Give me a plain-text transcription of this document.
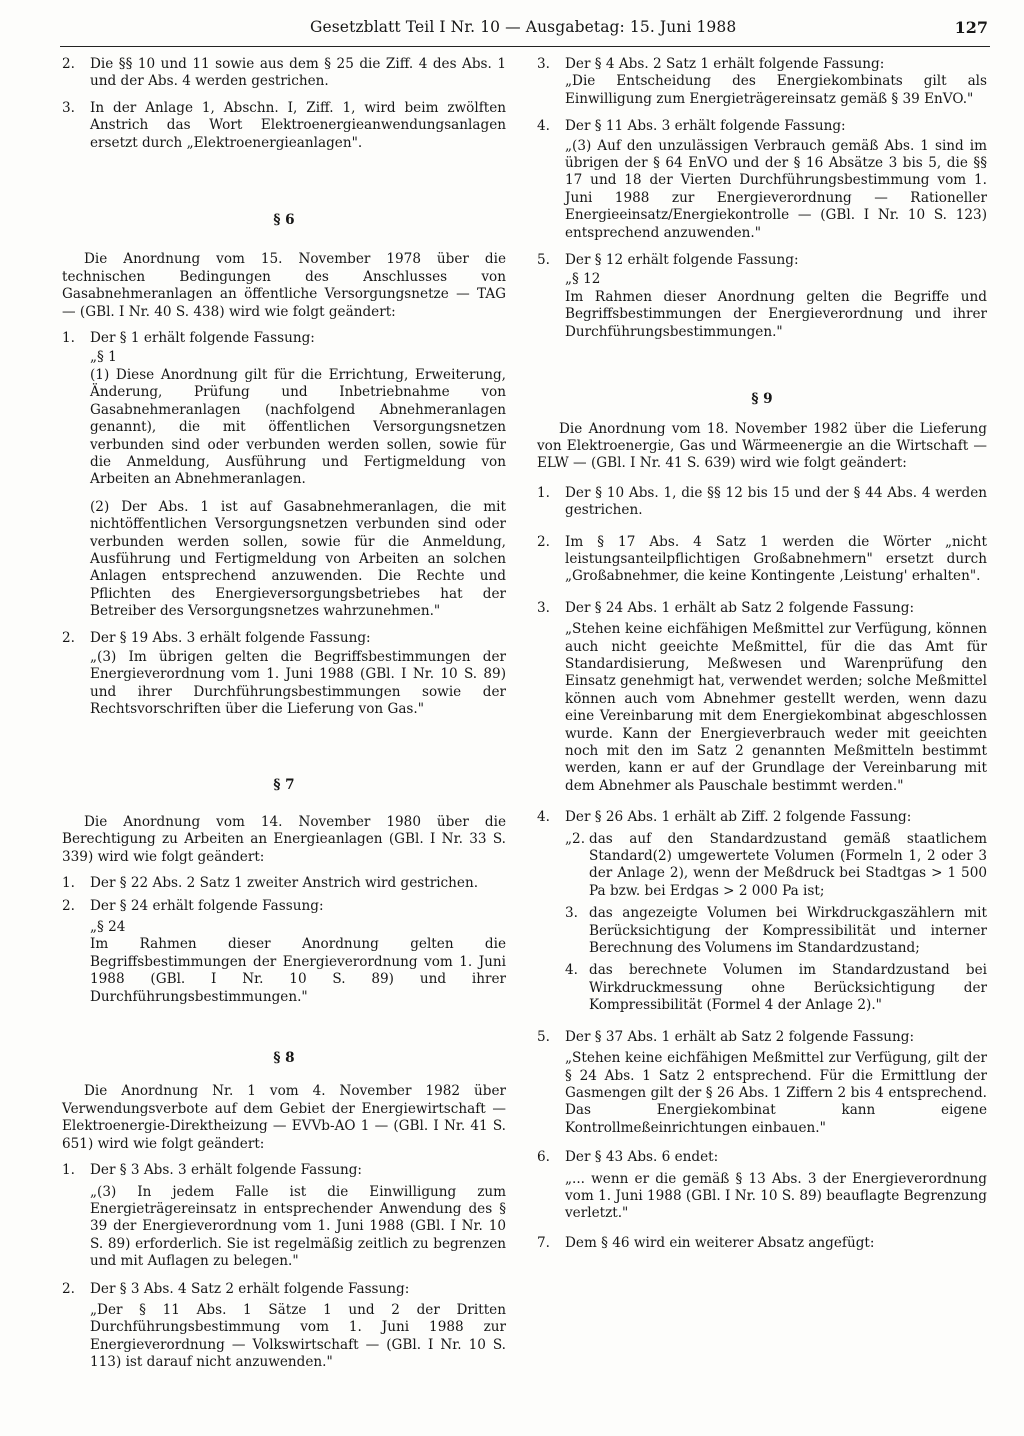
Gesetzblatt Teil I Nr. 10 — Ausgabetag: 15. Juni 1988	127
2.	Die §§ 10 und 11 sowie aus dem § 25 die Ziff. 4 des Abs. 1 und der Abs. 4 werden gestrichen.
3.	In der Anlage 1, Abschn. I, Ziff. 1, wird beim zwölften Anstrich das Wort Elektroenergieanwendungsanlagen ersetzt durch „Elektroenergieanlagen".

§ 6

Die Anordnung vom 15. November 1978 über die technischen Bedingungen des Anschlusses von Gasabnehmeranlagen an öffentliche Versorgungsnetze — TAG — (GBl. I Nr. 40 S. 438) wird wie folgt geändert:

1.	Der § 1 erhält folgende Fassung:

„§ 1

(1) Diese Anordnung gilt für die Errichtung, Erweiterung, Änderung, Prüfung und Inbetriebnahme von Gasabnehmeranlagen (nachfolgend Abnehmeranlagen genannt), die mit öffentlichen Versorgungsnetzen verbunden sind oder verbunden werden sollen, sowie für die Anmeldung, Ausführung und Fertigmeldung von Arbeiten an Abnehmeranlagen.

(2) Der Abs. 1 ist auf Gasabnehmeranlagen, die mit nichtöffentlichen Versorgungsnetzen verbunden sind oder verbunden werden sollen, sowie für die Anmeldung, Ausführung und Fertigmeldung von Arbeiten an solchen Anlagen entsprechend anzuwenden. Die Rechte und Pflichten des Energieversorgungsbetriebes hat der Betreiber des Versorgungsnetzes wahrzunehmen."

2.	Der § 19 Abs. 3 erhält folgende Fassung:

„(3) Im übrigen gelten die Begriffsbestimmungen der Energieverordnung vom 1. Juni 1988 (GBl. I Nr. 10 S. 89) und ihrer Durchführungsbestimmungen sowie der Rechtsvorschriften über die Lieferung von Gas."

§ 7

Die Anordnung vom 14. November 1980 über die Berechtigung zu Arbeiten an Energieanlagen (GBl. I Nr. 33 S. 339) wird wie folgt geändert:

1.	Der § 22 Abs. 2 Satz 1 zweiter Anstrich wird gestrichen.
2.	Der § 24 erhält folgende Fassung:

„§ 24

Im Rahmen dieser Anordnung gelten die Begriffsbestimmungen der Energieverordnung vom 1. Juni 1988 (GBl. I Nr. 10 S. 89) und ihrer Durchführungsbestimmungen."

§ 8

Die Anordnung Nr. 1 vom 4. November 1982 über Verwendungsverbote auf dem Gebiet der Energiewirtschaft — Elektroenergie-Direktheizung — EVVb-AO 1 — (GBl. I Nr. 41 S. 651) wird wie folgt geändert:

1.	Der § 3 Abs. 3 erhält folgende Fassung:

„(3) In jedem Falle ist die Einwilligung zum Energieträgereinsatz in entsprechender Anwendung des § 39 der Energieverordnung vom 1. Juni 1988 (GBl. I Nr. 10 S. 89) erforderlich. Sie ist regelmäßig zeitlich zu begrenzen und mit Auflagen zu belegen."

2.	Der § 3 Abs. 4 Satz 2 erhält folgende Fassung:

„Der § 11 Abs. 1 Sätze 1 und 2 der Dritten Durchführungsbestimmung vom 1. Juni 1988 zur Energieverordnung — Volkswirtschaft — (GBl. I Nr. 10 S. 113) ist darauf nicht anzuwenden."

3.	Der § 4 Abs. 2 Satz 1 erhält folgende Fassung:

„Die Entscheidung des Energiekombinats gilt als Einwilligung zum Energieträgereinsatz gemäß § 39 EnVO."

4.	Der § 11 Abs. 3 erhält folgende Fassung:

„(3) Auf den unzulässigen Verbrauch gemäß Abs. 1 sind im übrigen der § 64 EnVO und der § 16 Absätze 3 bis 5, die §§ 17 und 18 der Vierten Durchführungsbestimmung vom 1. Juni 1988 zur Energieverordnung — Rationeller Energieeinsatz/Energiekontrolle — (GBl. I Nr. 10 S. 123) entsprechend anzuwenden."

5.	Der § 12 erhält folgende Fassung:

„§ 12

Im Rahmen dieser Anordnung gelten die Begriffe und Begriffsbestimmungen der Energieverordnung und ihrer Durchführungsbestimmungen."

§ 9

Die Anordnung vom 18. November 1982 über die Lieferung von Elektroenergie, Gas und Wärmeenergie an die Wirtschaft — ELW — (GBl. I Nr. 41 S. 639) wird wie folgt geändert:

1.	Der § 10 Abs. 1, die §§ 12 bis 15 und der § 44 Abs. 4 werden gestrichen.
2.	Im § 17 Abs. 4 Satz 1 werden die Wörter „nicht leistungsanteilpflichtigen Großabnehmern" ersetzt durch „Großabnehmer, die keine Kontingente ‚Leistung' erhalten".
3.	Der § 24 Abs. 1 erhält ab Satz 2 folgende Fassung:

„Stehen keine eichfähigen Meßmittel zur Verfügung, können auch nicht geeichte Meßmittel, für die das Amt für Standardisierung, Meßwesen und Warenprüfung den Einsatz genehmigt hat, verwendet werden; solche Meßmittel können auch vom Abnehmer gestellt werden, wenn dazu eine Vereinbarung mit dem Energiekombinat abgeschlossen wurde. Kann der Energieverbrauch weder mit geeichten noch mit den im Satz 2 genannten Meßmitteln bestimmt werden, kann er auf der Grundlage der Vereinbarung mit dem Abnehmer als Pauschale bestimmt werden."

4.	Der § 26 Abs. 1 erhält ab Ziff. 2 folgende Fassung:
„2. das auf den Standardzustand gemäß staatlichem Standard(2) umgewertete Volumen (Formeln 1, 2 oder 3 der Anlage 2), wenn der Meßdruck bei Stadtgas > 1 500 Pa bzw. bei Erdgas > 2 000 Pa ist;
3. das angezeigte Volumen bei Wirkdruckgaszählern mit Berücksichtigung der Kompressibilität und interner Berechnung des Volumens im Standardzustand;
4. das berechnete Volumen im Standardzustand bei Wirkdruckmessung ohne Berücksichtigung der Kompressibilität (Formel 4 der Anlage 2)."
5.	Der § 37 Abs. 1 erhält ab Satz 2 folgende Fassung:

„Stehen keine eichfähigen Meßmittel zur Verfügung, gilt der § 24 Abs. 1 Satz 2 entsprechend. Für die Ermittlung der Gasmengen gilt der § 26 Abs. 1 Ziffern 2 bis 4 entsprechend. Das Energiekombinat kann eigene Kontrollmeßeinrichtungen einbauen."

6.	Der § 43 Abs. 6 endet:

„... wenn er die gemäß § 13 Abs. 3 der Energieverordnung vom 1. Juni 1988 (GBl. I Nr. 10 S. 89) beauflagte Begrenzung verletzt."

7.	Dem § 46 wird ein weiterer Absatz angefügt:
